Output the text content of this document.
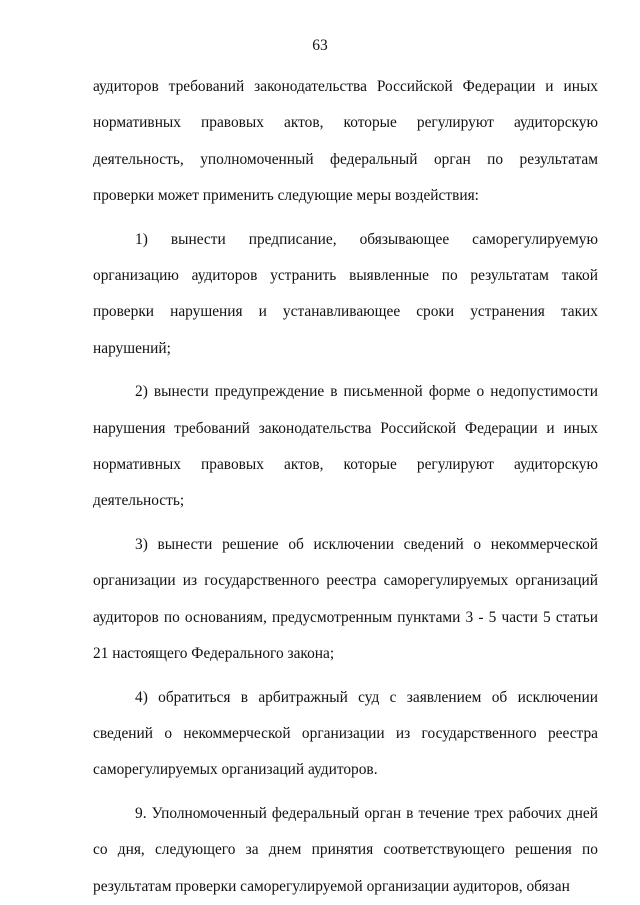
63

аудиторов требований законодательства Российской Федерации и иных нормативных правовых актов, которые регулируют аудиторскую деятельность, уполномоченный федеральный орган по результатам проверки может применить следующие меры воздействия:

1) вынести предписание, обязывающее саморегулируемую организацию аудиторов устранить выявленные по результатам такой проверки нарушения и устанавливающее сроки устранения таких нарушений;

2) вынести предупреждение в письменной форме о недопустимости нарушения требований законодательства Российской Федерации и иных нормативных правовых актов, которые регулируют аудиторскую деятельность;

3) вынести решение об исключении сведений о некоммерческой организации из государственного реестра саморегулируемых организаций аудиторов по основаниям, предусмотренным пунктами 3 - 5 части 5 статьи 21 настоящего Федерального закона;

4) обратиться в арбитражный суд с заявлением об исключении сведений о некоммерческой организации из государственного реестра саморегулируемых организаций аудиторов.

9. Уполномоченный федеральный орган в течение трех рабочих дней со дня, следующего за днем принятия соответствующего решения по результатам проверки саморегулируемой организации аудиторов, обязан
